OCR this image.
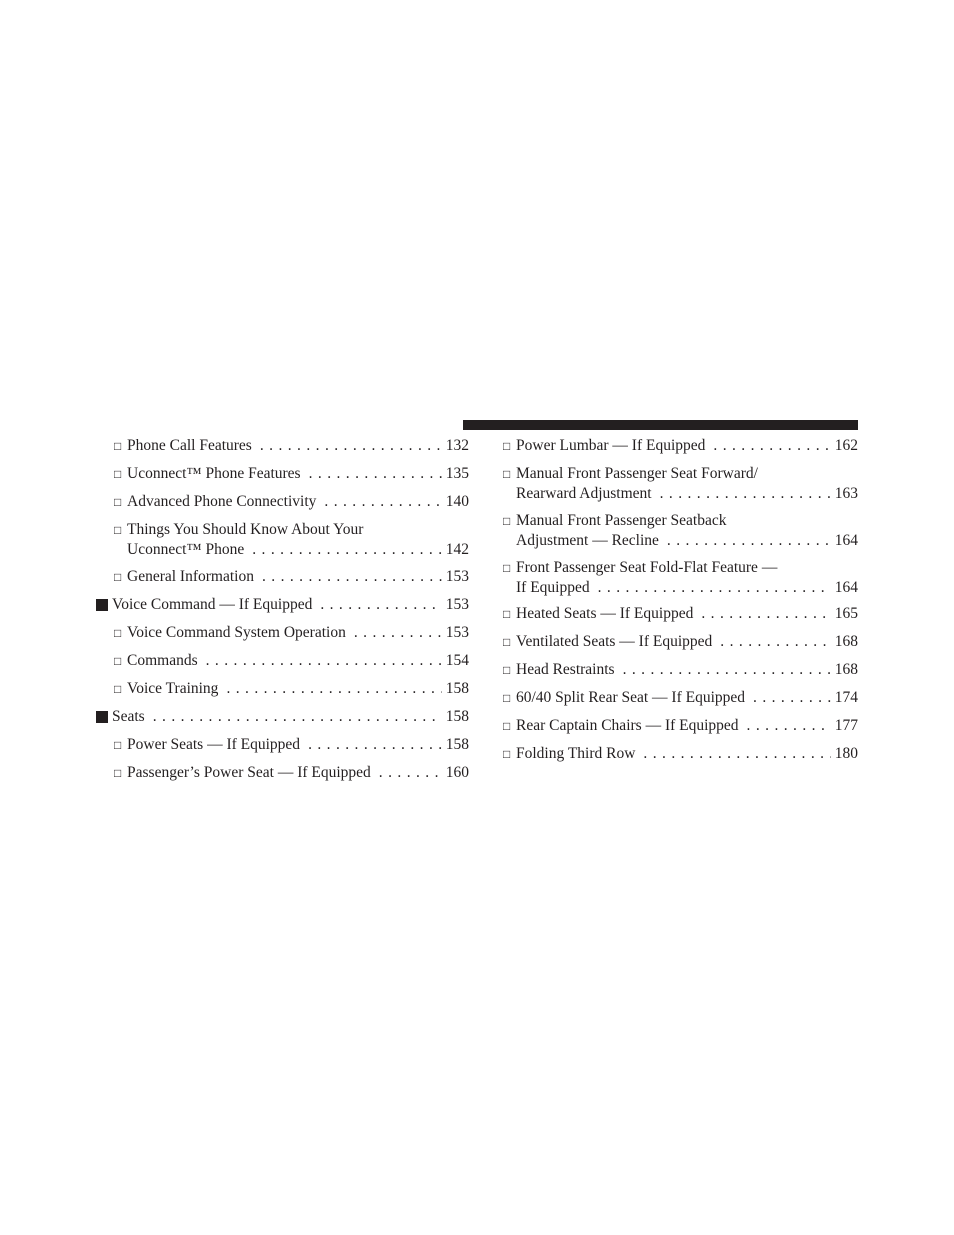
□ Phone Call Features . . .	132
□ Uconnect™ Phone Features . . .	135
□ Advanced Phone Connectivity . . .	140
□ Things You Should Know About Your
Uconnect™ Phone . . .	142
□ General Information . . .	153
Voice Command — If Equipped . . .	153
□ Voice Command System Operation . . .	153
□ Commands . . .	154
□ Voice Training . . .	158
Seats . . .	158
□ Power Seats — If Equipped . . .	158
□ Passenger’s Power Seat — If Equipped . . .	160
□ Power Lumbar — If Equipped . . .	162
□ Manual Front Passenger Seat Forward/
Rearward Adjustment . . .	163
□ Manual Front Passenger Seatback
Adjustment — Recline . . .	164
□ Front Passenger Seat Fold-Flat Feature —
If Equipped . . .	164
□ Heated Seats — If Equipped . . .	165
□ Ventilated Seats — If Equipped . . .	168
□ Head Restraints . . .	168
□ 60/40 Split Rear Seat — If Equipped . . .	174
□ Rear Captain Chairs — If Equipped . . .	177
□ Folding Third Row . . .	180
